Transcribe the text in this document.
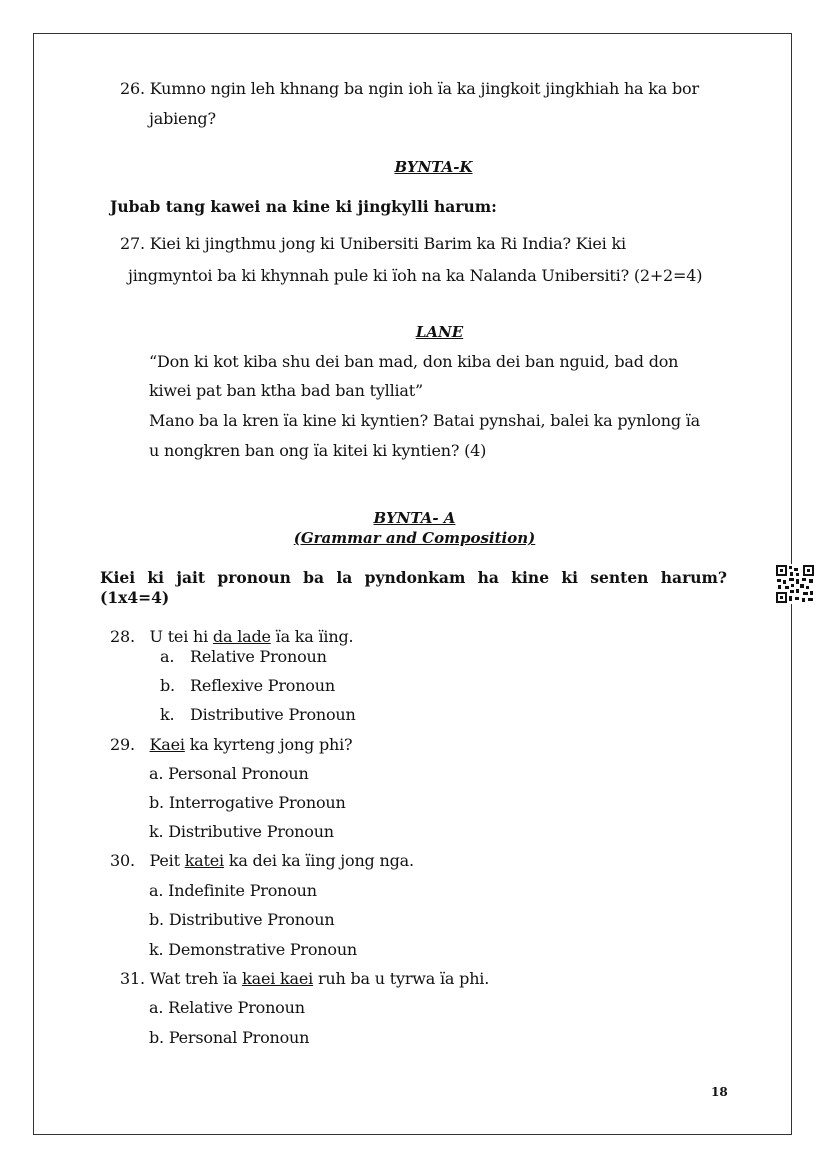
26. Kumno ngin leh khnang ba ngin ioh ïa ka jingkoit jingkhiah ha ka bor
jabieng?
BYNTA-K
Jubab tang kawei na kine ki jingkylli harum:
27. Kiei ki jingthmu jong ki Unibersiti Barim ka Ri India? Kiei ki
jingmyntoi ba ki khynnah pule ki ïoh na ka Nalanda Unibersiti? (2+2=4)
LANE
“Don ki kot kiba shu dei ban mad, don kiba dei ban nguid, bad don
kiwei pat ban ktha bad ban tylliat”
Mano ba la kren ïa kine ki kyntien? Batai pynshai, balei ka pynlong ïa
u nongkren ban ong ïa kitei ki kyntien? (4)
BYNTA- A
(Grammar and Composition)
Kiei ki jait pronoun ba la pyndonkam ha kine ki senten harum?
(1x4=4)
28. U tei hi da lade ïa ka ïing.
a. Relative Pronoun
b. Reflexive Pronoun
k. Distributive Pronoun
29. Kaei ka kyrteng jong phi?
a. Personal Pronoun
b. Interrogative Pronoun
k. Distributive Pronoun
30. Peit katei ka dei ka ïing jong nga.
a. Indefinite Pronoun
b. Distributive Pronoun
k. Demonstrative Pronoun
31. Wat treh ïa kaei kaei ruh ba u tyrwa ïa phi.
a. Relative Pronoun
b. Personal Pronoun
18
